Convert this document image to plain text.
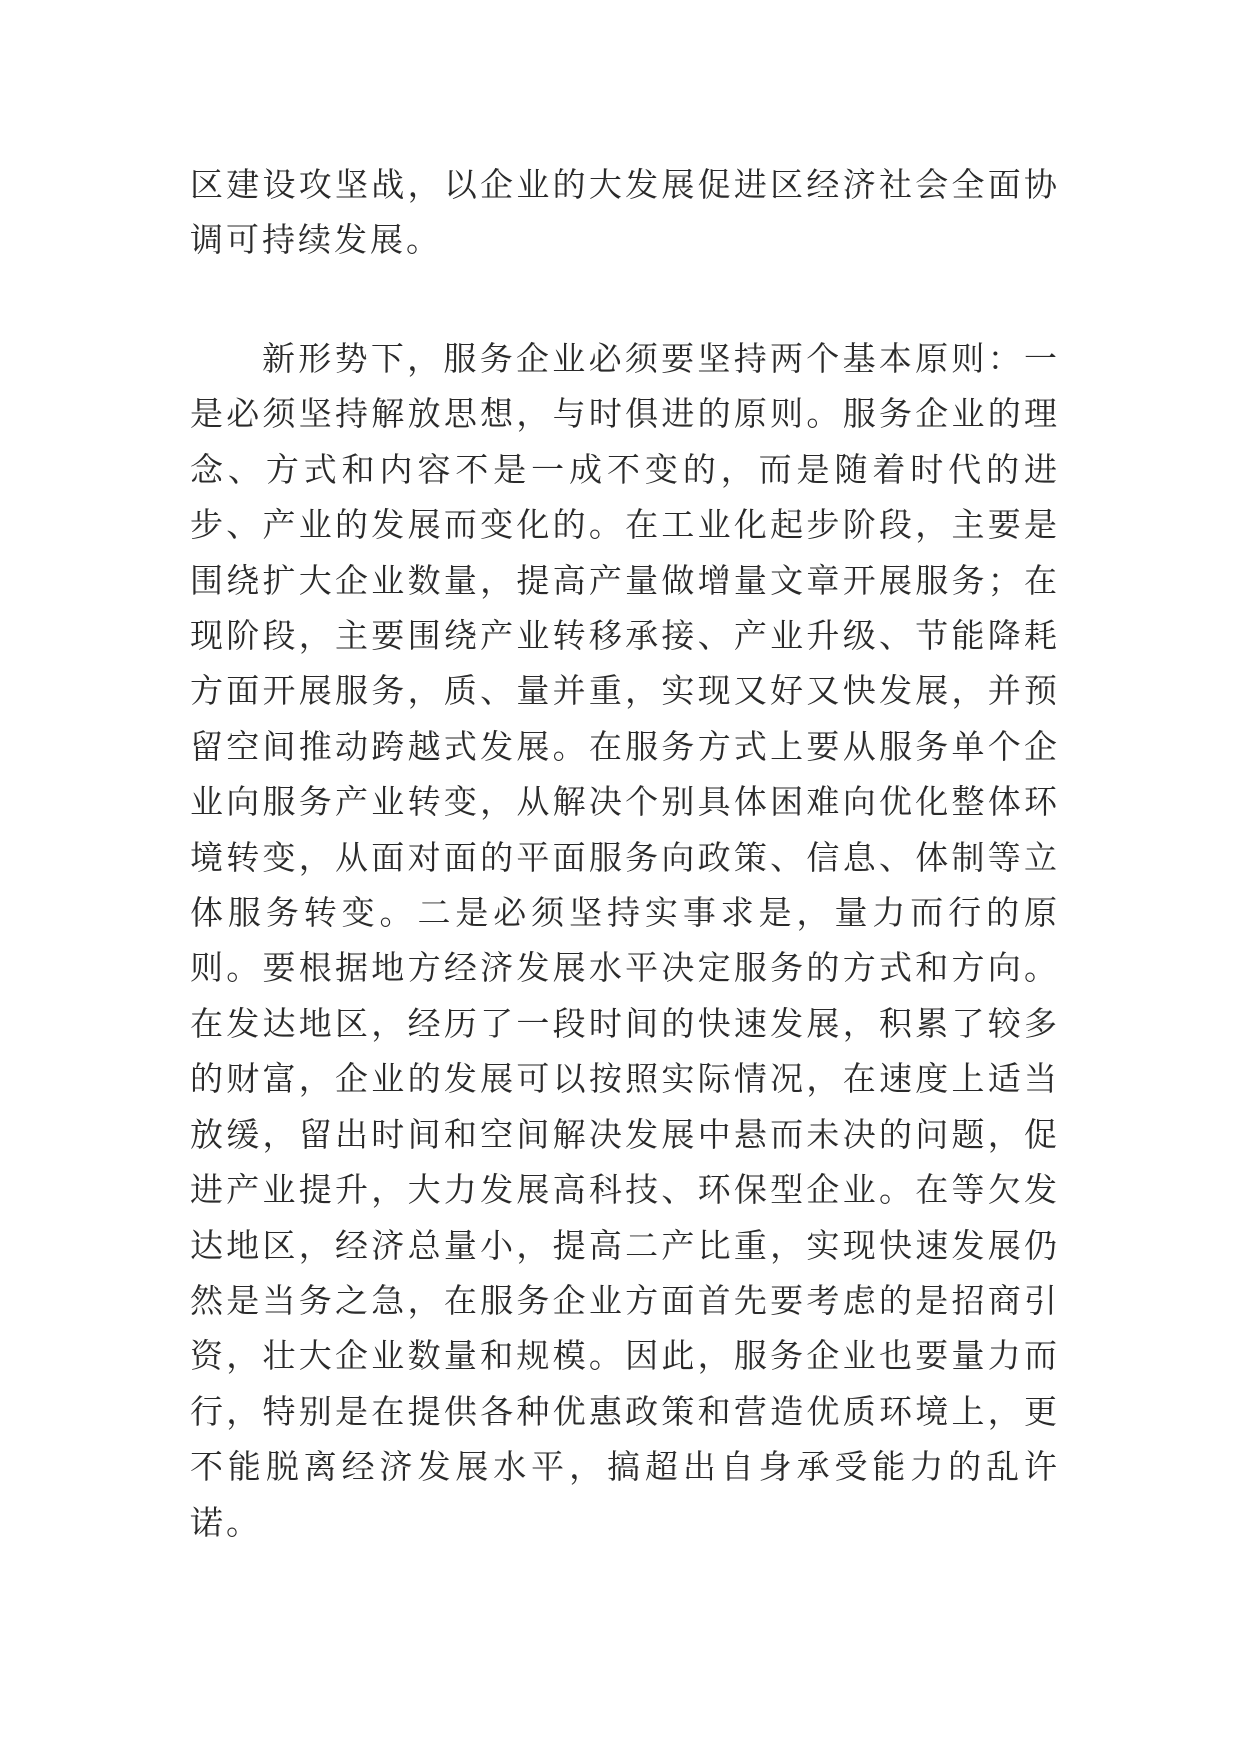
区建设攻坚战，以企业的大发展促进区经济社会全面协调可持续发展。

新形势下，服务企业必须要坚持两个基本原则：一是必须坚持解放思想，与时俱进的原则。服务企业的理念、方式和内容不是一成不变的，而是随着时代的进步、产业的发展而变化的。在工业化起步阶段，主要是围绕扩大企业数量，提高产量做增量文章开展服务；在现阶段，主要围绕产业转移承接、产业升级、节能降耗方面开展服务，质、量并重，实现又好又快发展，并预留空间推动跨越式发展。在服务方式上要从服务单个企业向服务产业转变，从解决个别具体困难向优化整体环境转变，从面对面的平面服务向政策、信息、体制等立体服务转变。二是必须坚持实事求是，量力而行的原则。要根据地方经济发展水平决定服务的方式和方向。在发达地区，经历了一段时间的快速发展，积累了较多的财富，企业的发展可以按照实际情况，在速度上适当放缓，留出时间和空间解决发展中悬而未决的问题，促进产业提升，大力发展高科技、环保型企业。在等欠发达地区，经济总量小，提高二产比重，实现快速发展仍然是当务之急，在服务企业方面首先要考虑的是招商引资，壮大企业数量和规模。因此，服务企业也要量力而行，特别是在提供各种优惠政策和营造优质环境上，更不能脱离经济发展水平，搞超出自身承受能力的乱许诺。
